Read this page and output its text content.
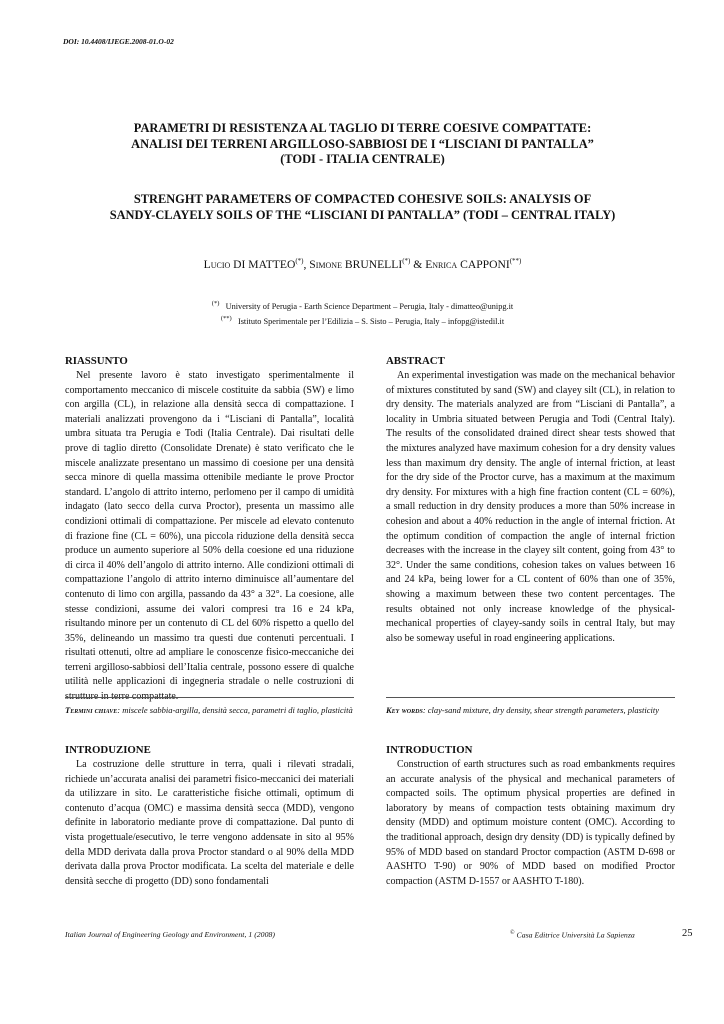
DOI: 10.4408/IJEGE.2008-01.O-02
PARAMETRI DI RESISTENZA AL TAGLIO DI TERRE COESIVE COMPATTATE:
ANALISI DEI TERRENI ARGILLOSO-SABBIOSI DE I “LISCIANI DI PANTALLA”
(TODI - ITALIA CENTRALE)
STRENGHT PARAMETERS OF COMPACTED COHESIVE SOILS: ANALYSIS OF
SANDY-CLAYELY SOILS OF THE “LISCIANI DI PANTALLA” (TODI – CENTRAL ITALY)
Lucio DI MATTEO(*), Simone BRUNELLI(*) & Enrica CAPPONI(**)
(*) University of Perugia - Earth Science Department – Perugia, Italy - dimatteo@unipg.it
(**) Istituto Sperimentale per l’Edilizia – S. Sisto – Perugia, Italy – infopg@istedil.it
RIASSUNTO
Nel presente lavoro è stato investigato sperimentalmente il comportamento meccanico di miscele costituite da sabbia (SW) e limo con argilla (CL), in relazione alla densità secca di compattazione. I materiali analizzati provengono da i “Lisciani di Pantalla”, località umbra situata tra Perugia e Todi (Italia Centrale). Dai risultati delle prove di taglio diretto (Consolidate Drenate) è stato verificato che le miscele analizzate presentano un massimo di coesione per una densità secca minore di quella massima ottenibile mediante le prove Proctor standard. L’angolo di attrito interno, perlomeno per il campo di umidità indagato (lato secco della curva Proctor), presenta un massimo alle condizioni ottimali di compattazione. Per miscele ad elevato contenuto di frazione fine (CL = 60%), una piccola riduzione della densità secca produce un aumento superiore al 50% della coesione ed una riduzione di circa il 40% dell’angolo di attrito interno. Alle condizioni ottimali di compattazione l’angolo di attrito interno diminuisce all’aumentare del contenuto di limo con argilla, passando da 43° a 32°. La coesione, alle stesse condizioni, assume dei valori compresi tra 16 e 24 kPa, risultando minore per un contenuto di CL del 60% rispetto a quello del 35%, delineando un massimo tra questi due contenuti percentuali. I risultati ottenuti, oltre ad ampliare le conoscenze fisico-meccaniche dei terreni argilloso-sabbiosi dell’Italia centrale, possono essere di qualche utilità nelle applicazioni di ingegneria stradale o nelle costruzioni di
Termini chiave: miscele sabbia-argilla, densità secca, parametri di taglio, plasticità
INTRODUZIONE
La costruzione delle strutture in terra, quali i rilevati stradali, richiede un’accurata analisi dei parametri fisico-meccanici dei materiali da utilizzare in sito. Le caratteristiche fisiche ottimali, optimum di contenuto d’acqua (OMC) e massima densità secca (MDD), vengono definite in laboratorio mediante prove di compattazione. Dal punto di vista progettuale/esecutivo, le terre vengono addensate in sito al 95% della MDD derivata dalla prova Proctor standard o al 90% della MDD derivata dalla prova Proctor modificata. La scelta del materiale e delle densità secche di progetto (DD) sono fondamentali
ABSTRACT
An experimental investigation was made on the mechanical behavior of mixtures constituted by sand (SW) and clayey silt (CL), in relation to dry density. The materials analyzed are from “Lisciani di Pantalla”, a locality in Umbria situated between Perugia and Todi (Central Italy). The results of the consolidated drained direct shear tests showed that the mixtures analyzed have maximum cohesion for a dry density values less than maximum dry density. The angle of internal friction, at least for the dry side of the Proctor curve, has a maximum at the maximum dry density. For mixtures with a high fine fraction content (CL = 60%), a small reduction in dry density produces a more than 50% increase in cohesion and about a 40% reduction in the angle of internal friction. At the optimum condition of compaction the angle of internal friction decreases with the increase in the clayey silt content, going from 43° to 32°. Under the same conditions, cohesion takes on values between 16 and 24 kPa, being lower for a CL content of 60% than one of 35%, showing a maximum between these two content percentages. The results obtained not only increase knowledge of the physical-mechanical properties of clayey-sandy soils in central Italy, but may also be someway useful in road engineering applications.
Key words: clay-sand mixture, dry density, shear strength parameters, plasticity
INTRODUCTION
Construction of earth structures such as road embankments requires an accurate analysis of the physical and mechanical parameters of compacted soils. The optimum physical properties are defined in laboratory by means of compaction tests obtaining maximum dry density (MDD) and optimum moisture content (OMC). According to the traditional approach, design dry density (DD) is typically defined by 95% of MDD based on standard Proctor compaction (ASTM D-698 or AASHTO T-90) or 90% of MDD based on modified Proctor compaction (ASTM D-1557 or AASHTO T-180).
Italian Journal of Engineering Geology and Environment, 1 (2008)	© Casa Editrice Università La Sapienza	25
